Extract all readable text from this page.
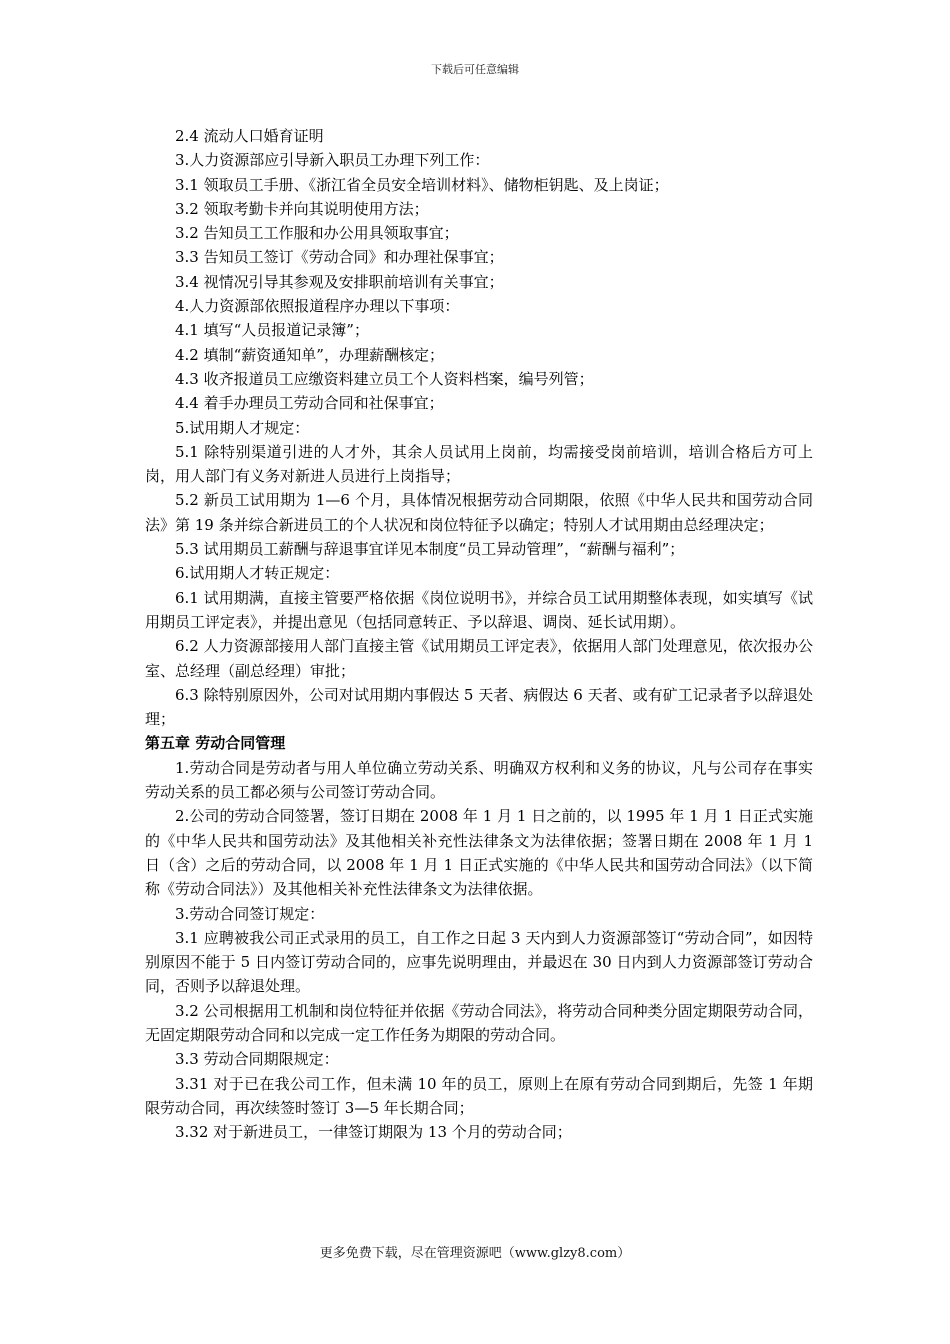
下载后可任意编辑

2.4 流动人口婚育证明

3.人力资源部应引导新入职员工办理下列工作：

3.1 领取员工手册、《浙江省全员安全培训材料》、储物柜钥匙、及上岗证；

3.2 领取考勤卡并向其说明使用方法；

3.2 告知员工工作服和办公用具领取事宜；

3.3 告知员工签订《劳动合同》和办理社保事宜；

3.4 视情况引导其参观及安排职前培训有关事宜；

4.人力资源部依照报道程序办理以下事项：

4.1 填写“人员报道记录簿”；

4.2 填制“薪资通知单”，办理薪酬核定；

4.3 收齐报道员工应缴资料建立员工个人资料档案，编号列管；

4.4 着手办理员工劳动合同和社保事宜；

5.试用期人才规定：

5.1 除特别渠道引进的人才外，其余人员试用上岗前，均需接受岗前培训，培训合格后方可上岗，用人部门有义务对新进人员进行上岗指导；

5.2 新员工试用期为 1—6 个月，具体情况根据劳动合同期限，依照《中华人民共和国劳动合同法》第 19 条并综合新进员工的个人状况和岗位特征予以确定；特别人才试用期由总经理决定；

5.3 试用期员工薪酬与辞退事宜详见本制度“员工异动管理”，“薪酬与福利”；

6.试用期人才转正规定：

6.1 试用期满，直接主管要严格依据《岗位说明书》，并综合员工试用期整体表现，如实填写《试用期员工评定表》，并提出意见（包括同意转正、予以辞退、调岗、延长试用期）。

6.2 人力资源部接用人部门直接主管《试用期员工评定表》，依据用人部门处理意见，依次报办公室、总经理（副总经理）审批；

6.3 除特别原因外，公司对试用期内事假达 5 天者、病假达 6 天者、或有矿工记录者予以辞退处理；

第五章 劳动合同管理

1.劳动合同是劳动者与用人单位确立劳动关系、明确双方权利和义务的协议，凡与公司存在事实劳动关系的员工都必须与公司签订劳动合同。

2.公司的劳动合同签署，签订日期在 2008 年 1 月 1 日之前的，以 1995 年 1 月 1 日正式实施的《中华人民共和国劳动法》及其他相关补充性法律条文为法律依据；签署日期在 2008 年 1 月 1 日（含）之后的劳动合同，以 2008 年 1 月 1 日正式实施的《中华人民共和国劳动合同法》（以下简称《劳动合同法》）及其他相关补充性法律条文为法律依据。

3.劳动合同签订规定：

3.1 应聘被我公司正式录用的员工，自工作之日起 3 天内到人力资源部签订“劳动合同”，如因特别原因不能于 5 日内签订劳动合同的，应事先说明理由，并最迟在 30 日内到人力资源部签订劳动合同，否则予以辞退处理。

3.2 公司根据用工机制和岗位特征并依据《劳动合同法》，将劳动合同种类分固定期限劳动合同，无固定期限劳动合同和以完成一定工作任务为期限的劳动合同。

3.3 劳动合同期限规定：

3.31 对于已在我公司工作，但未满 10 年的员工，原则上在原有劳动合同到期后，先签 1 年期限劳动合同，再次续签时签订 3—5 年长期合同；

3.32 对于新进员工，一律签订期限为 13 个月的劳动合同；

更多免费下载，尽在管理资源吧（www.glzy8.com）
